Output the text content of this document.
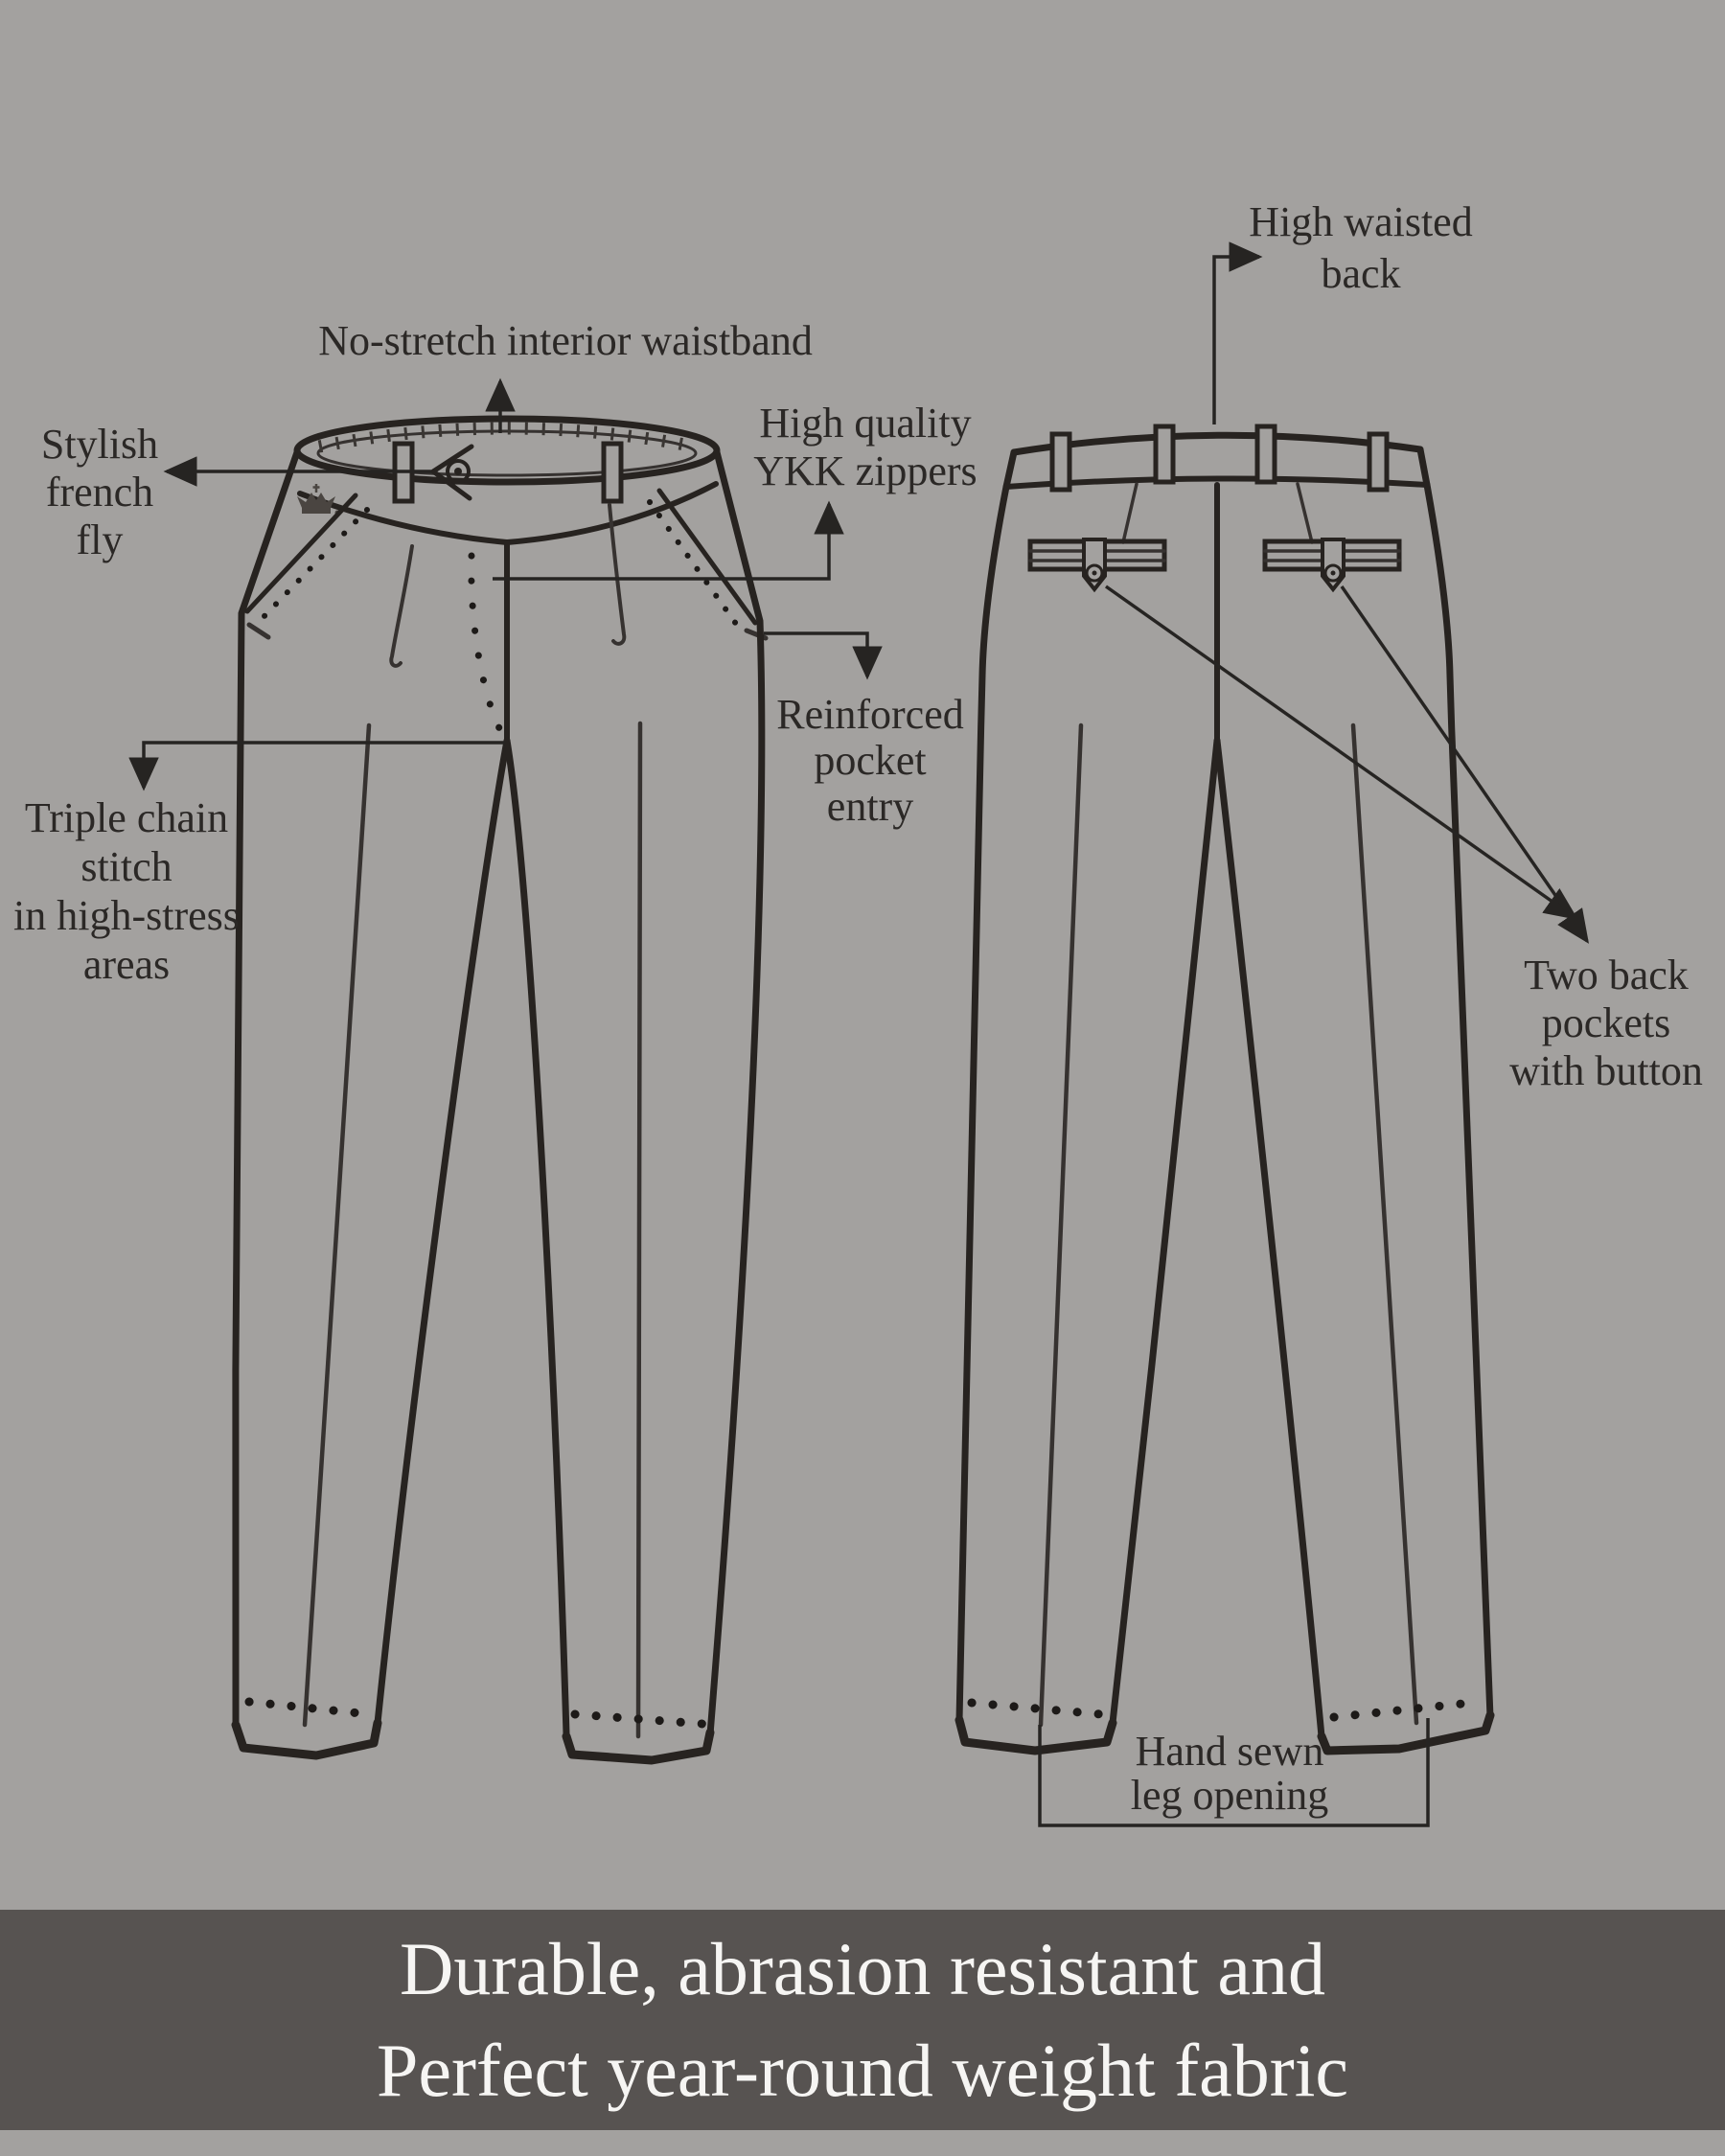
No-stretch interior waistband
High waisted
back
Stylish
french
fly
High quality
YKK zippers
Reinforced
pocket
entry
Triple chain
stitch
in high-stress
areas	Two back
pockets
with button
Hand sewn
leg opening
Durable, abrasion resistant and
Perfect year-round weight fabric
